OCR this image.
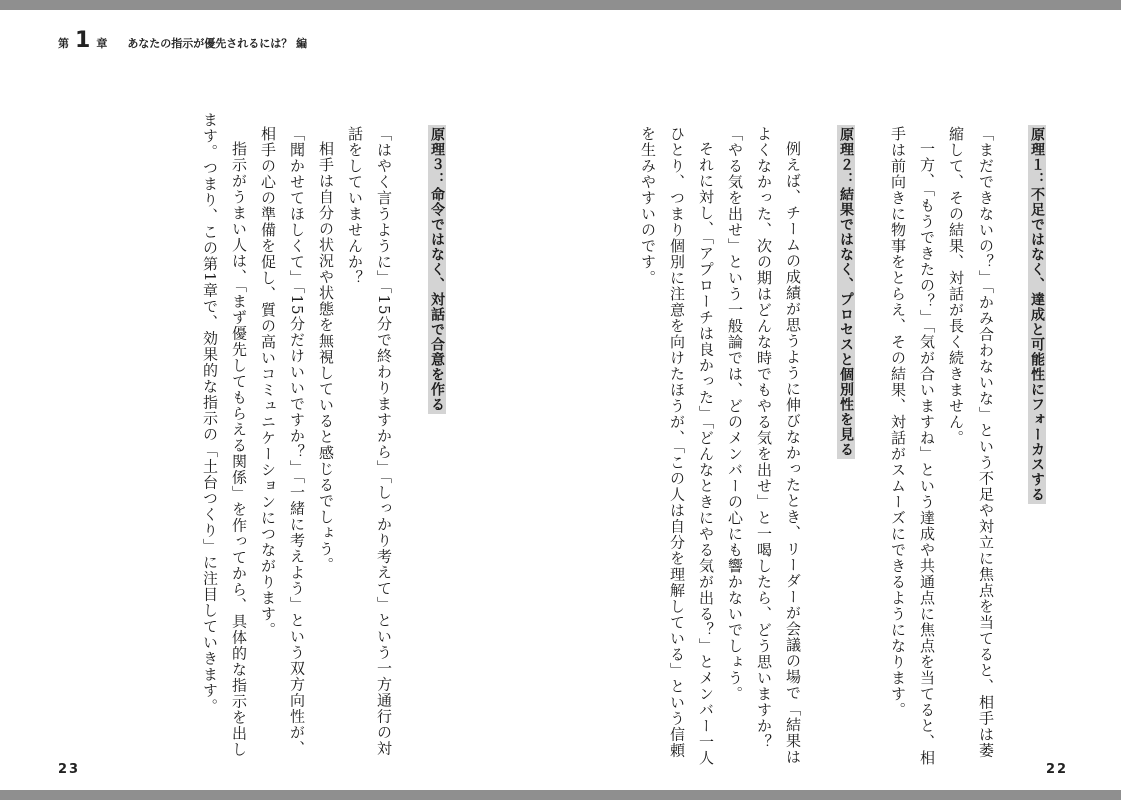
第 1 章 あなたの指示が優先されるには？ 編
原理１：不足ではなく、達成と可能性にフォーカスする
「まだできないの？」「かみ合わないな」という不足や対立に焦点を当てると、相手は萎
縮して、その結果、対話が長く続きません。
一方、「もうできたの？」「気が合いますね」という達成や共通点に焦点を当てると、相
手は前向きに物事をとらえ、その結果、対話がスムーズにできるようになります。
原理２：結果ではなく、プロセスと個別性を見る
例えば、チームの成績が思うように伸びなかったとき、リーダーが会議の場で「結果は
よくなかった、次の期はどんな時でもやる気を出せ」と一喝したら、どう思いますか？
「やる気を出せ」という一般論では、どのメンバーの心にも響かないでしょう。
それに対し、「アプローチは良かった」「どんなときにやる気が出る？」とメンバー一人
ひとり、つまり個別に注意を向けたほうが、「この人は自分を理解している」という信頼
を生みやすいのです。
原理３：命令ではなく、対話で合意を作る
「はやく言うように」「15分で終わりますから」「しっかり考えて」という一方通行の対
話をしていませんか？
相手は自分の状況や状態を無視していると感じるでしょう。
「聞かせてほしくて」「15分だけいいですか？」「一緒に考えよう」という双方向性が、
相手の心の準備を促し、質の高いコミュニケーションにつながります。
指示がうまい人は、「まず優先してもらえる関係」を作ってから、具体的な指示を出し
ます。つまり、この第1章で、効果的な指示の「土台つくり」に注目していきます。
23	22
